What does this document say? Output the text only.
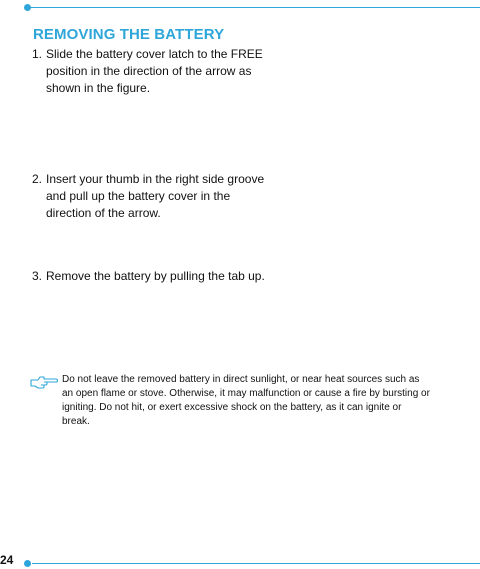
REMOVING THE BATTERY
1. Slide the battery cover latch to the FREE position in the direction of the arrow as shown in the figure.
2. Insert your thumb in the right side groove and pull up the battery cover in the direction of the arrow.
3. Remove the battery by pulling the tab up.
Do not leave the removed battery in direct sunlight, or near heat sources such as an open flame or stove. Otherwise, it may malfunction or cause a fire by bursting or igniting. Do not hit, or exert excessive shock on the battery, as it can ignite or break.
24
